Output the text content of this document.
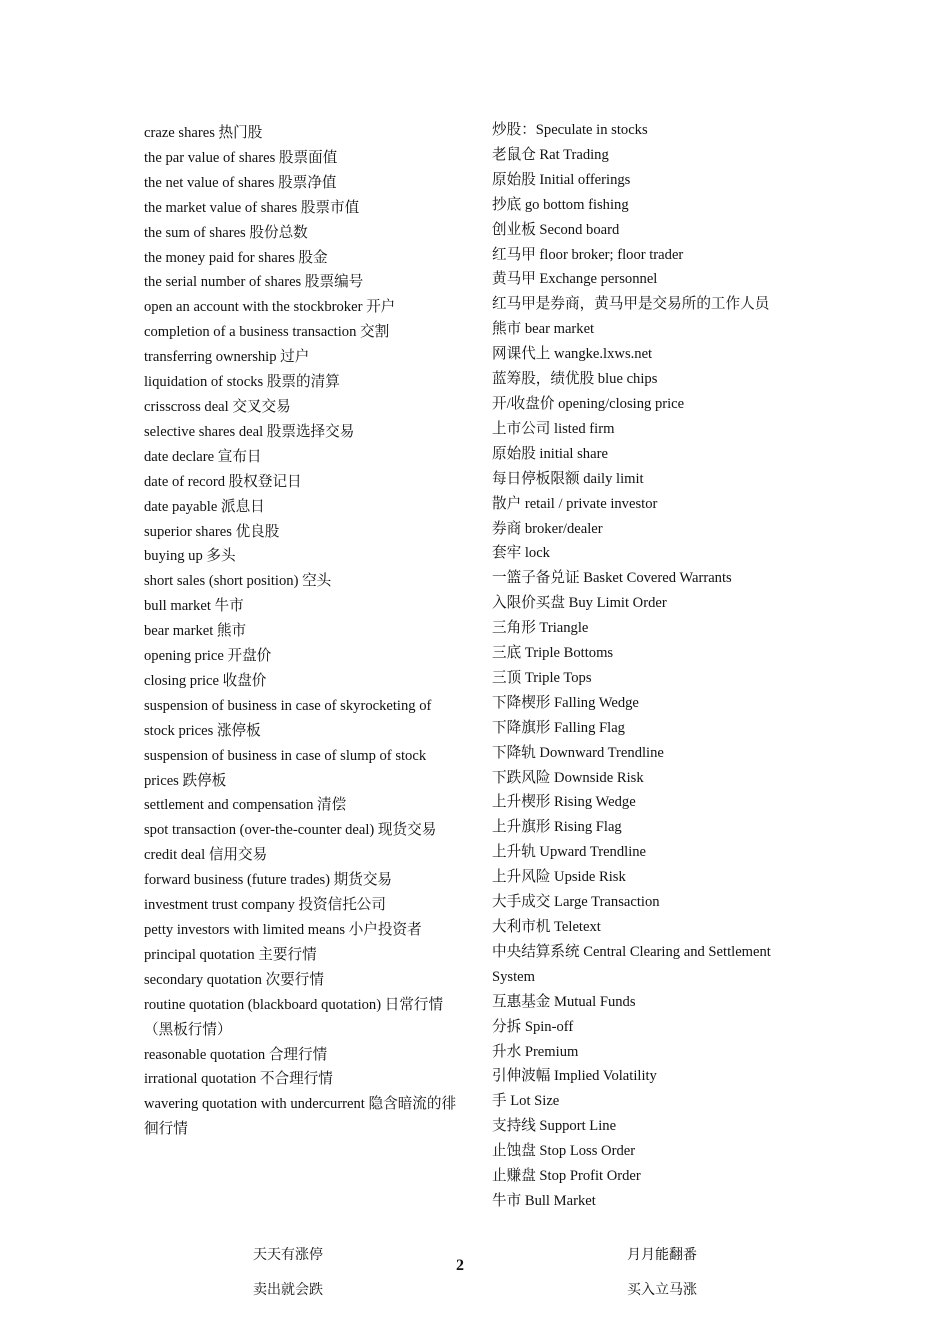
craze shares 热门股

the par value of shares 股票面值

the net value of shares 股票净值

the market value of shares 股票市值

the sum of shares 股份总数

the money paid for shares 股金

the serial number of shares 股票编号

open an account with the stockbroker 开户

completion of a business transaction 交割

transferring ownership 过户

liquidation of stocks 股票的清算

crisscross deal 交叉交易

selective shares deal 股票选择交易

date declare 宣布日

date of record 股权登记日

date payable 派息日

superior shares 优良股

buying up 多头

short sales (short position) 空头

bull market 牛市

bear market 熊市

opening price 开盘价

closing price 收盘价

suspension of business in case of skyrocketing of stock prices 涨停板

suspension of business in case of slump of stock prices 跌停板

settlement and compensation 清偿

spot transaction (over-the-counter deal) 现货交易

credit deal 信用交易

forward business (future trades) 期货交易

investment trust company 投资信托公司

petty investors with limited means 小户投资者

principal quotation 主要行情

secondary quotation 次要行情

routine quotation (blackboard quotation) 日常行情（黑板行情）

reasonable quotation 合理行情

irrational quotation 不合理行情

wavering quotation with undercurrent 隐含暗流的徘徊行情

炒股：Speculate in stocks

老鼠仓 Rat Trading

原始股 Initial offerings

抄底 go bottom fishing

创业板 Second board

红马甲 floor broker; floor trader

黄马甲 Exchange personnel

红马甲是券商，黄马甲是交易所的工作人员

熊市 bear market

网课代上 wangke.lxws.net

蓝筹股，绩优股 blue chips

开/收盘价 opening/closing price

上市公司 listed firm

原始股 initial share

每日停板限额 daily limit

散户 retail / private investor

券商 broker/dealer

套牢 lock

一篮子备兑证 Basket Covered Warrants

入限价买盘 Buy Limit Order

三角形 Triangle

三底 Triple Bottoms

三顶 Triple Tops

下降楔形 Falling Wedge

下降旗形 Falling Flag

下降轨 Downward Trendline

下跌风险 Downside Risk

上升楔形 Rising Wedge

上升旗形 Rising Flag

上升轨 Upward Trendline

上升风险 Upside Risk

大手成交 Large Transaction

大利市机 Teletext

中央结算系统 Central Clearing and Settlement System

互惠基金 Mutual Funds

分拆 Spin-off

升水 Premium

引伸波幅 Implied Volatility

手 Lot Size

支持线 Support Line

止蚀盘 Stop Loss Order

止赚盘 Stop Profit Order

牛市 Bull Market

天天有涨停	月月能翻番
2
卖出就会跌	买入立马涨
